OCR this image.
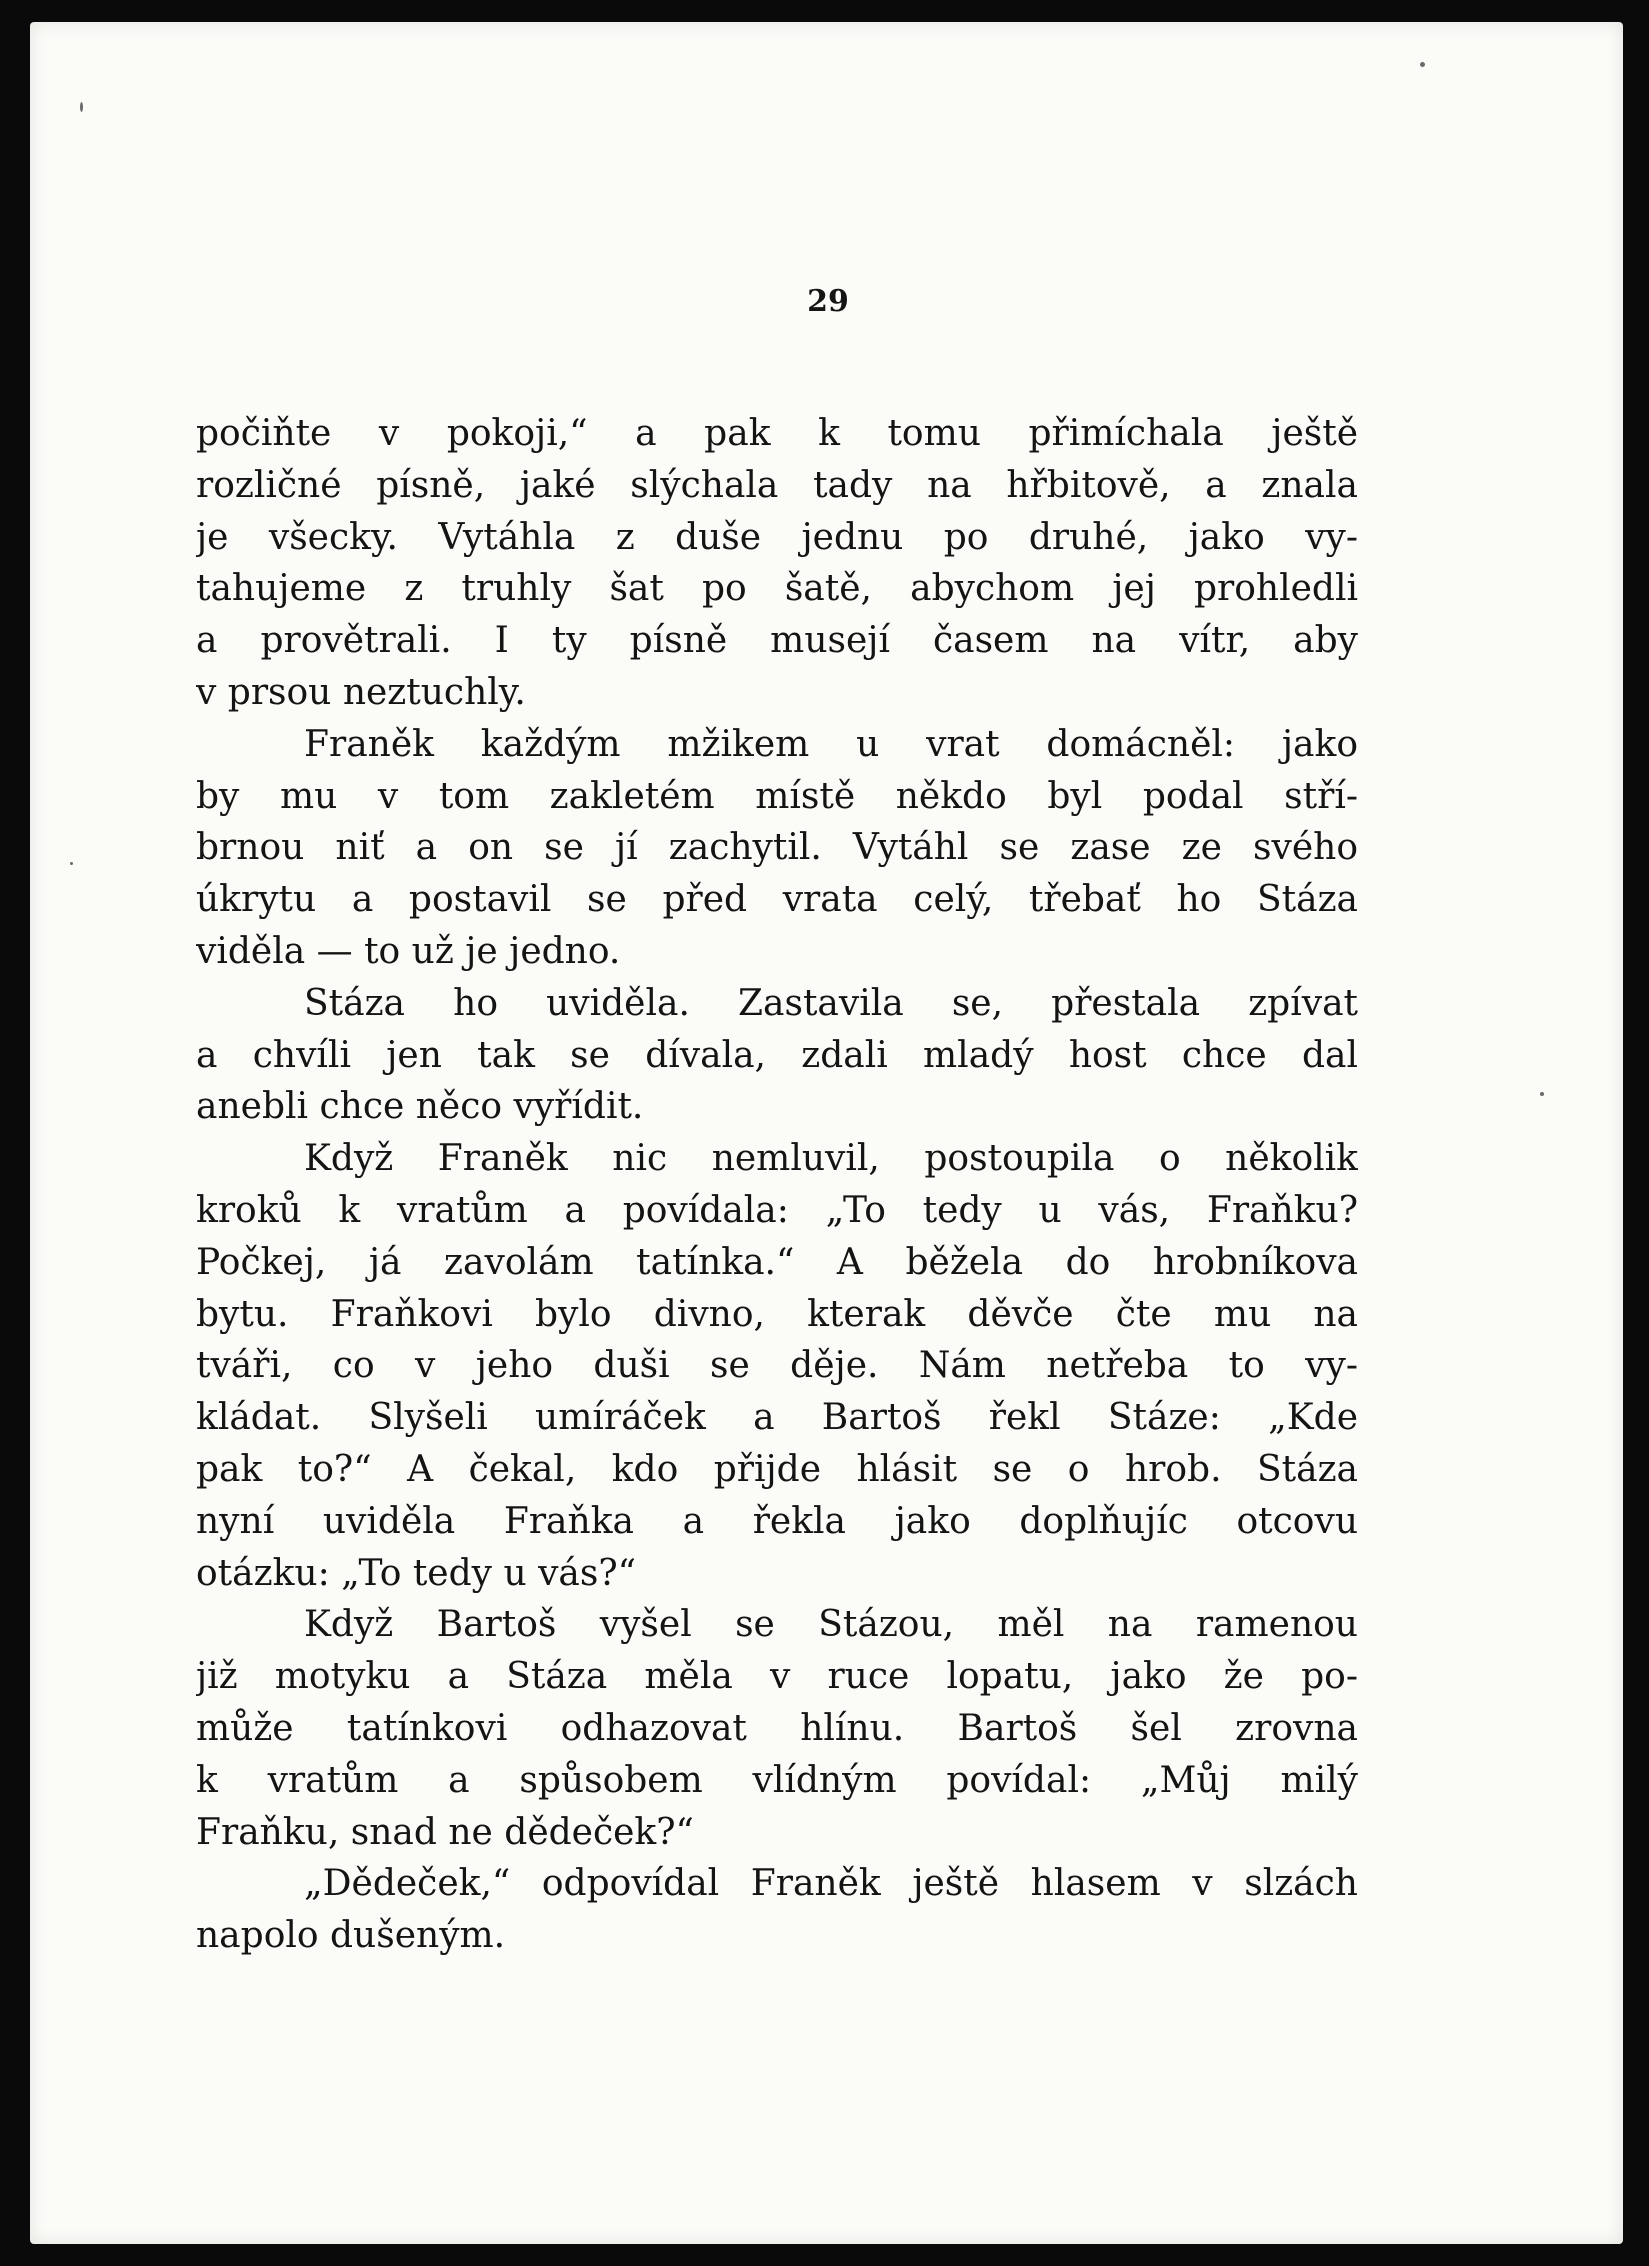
29
počiňte v pokoji,“ a pak k tomu přimíchala ještě
rozličné písně, jaké slýchala tady na hřbitově, a znala
je všecky. Vytáhla z duše jednu po druhé, jako vy-
tahujeme z truhly šat po šatě, abychom jej prohledli
a provětrali. I ty písně musejí časem na vítr, aby
v prsou neztuchly.
Franěk každým mžikem u vrat domácněl: jako
by mu v tom zakletém místě někdo byl podal stří-
brnou niť a on se jí zachytil. Vytáhl se zase ze svého
úkrytu a postavil se před vrata celý, třebať ho Stáza
viděla — to už je jedno.
Stáza ho uviděla. Zastavila se, přestala zpívat
a chvíli jen tak se dívala, zdali mladý host chce dal
anebli chce něco vyřídit.
Když Franěk nic nemluvil, postoupila o několik
kroků k vratům a povídala: „To tedy u vás, Fraňku?
Počkej, já zavolám tatínka.“ A běžela do hrobníkova
bytu. Fraňkovi bylo divno, kterak děvče čte mu na
tváři, co v jeho duši se děje. Nám netřeba to vy-
kládat. Slyšeli umíráček a Bartoš řekl Stáze: „Kde
pak to?“ A čekal, kdo přijde hlásit se o hrob. Stáza
nyní uviděla Fraňka a řekla jako doplňujíc otcovu
otázku: „To tedy u vás?“
Když Bartoš vyšel se Stázou, měl na ramenou
již motyku a Stáza měla v ruce lopatu, jako že po-
může tatínkovi odhazovat hlínu. Bartoš šel zrovna
k vratům a spůsobem vlídným povídal: „Můj milý
Fraňku, snad ne dědeček?“
„Dědeček,“ odpovídal Franěk ještě hlasem v slzách
napolo dušeným.
